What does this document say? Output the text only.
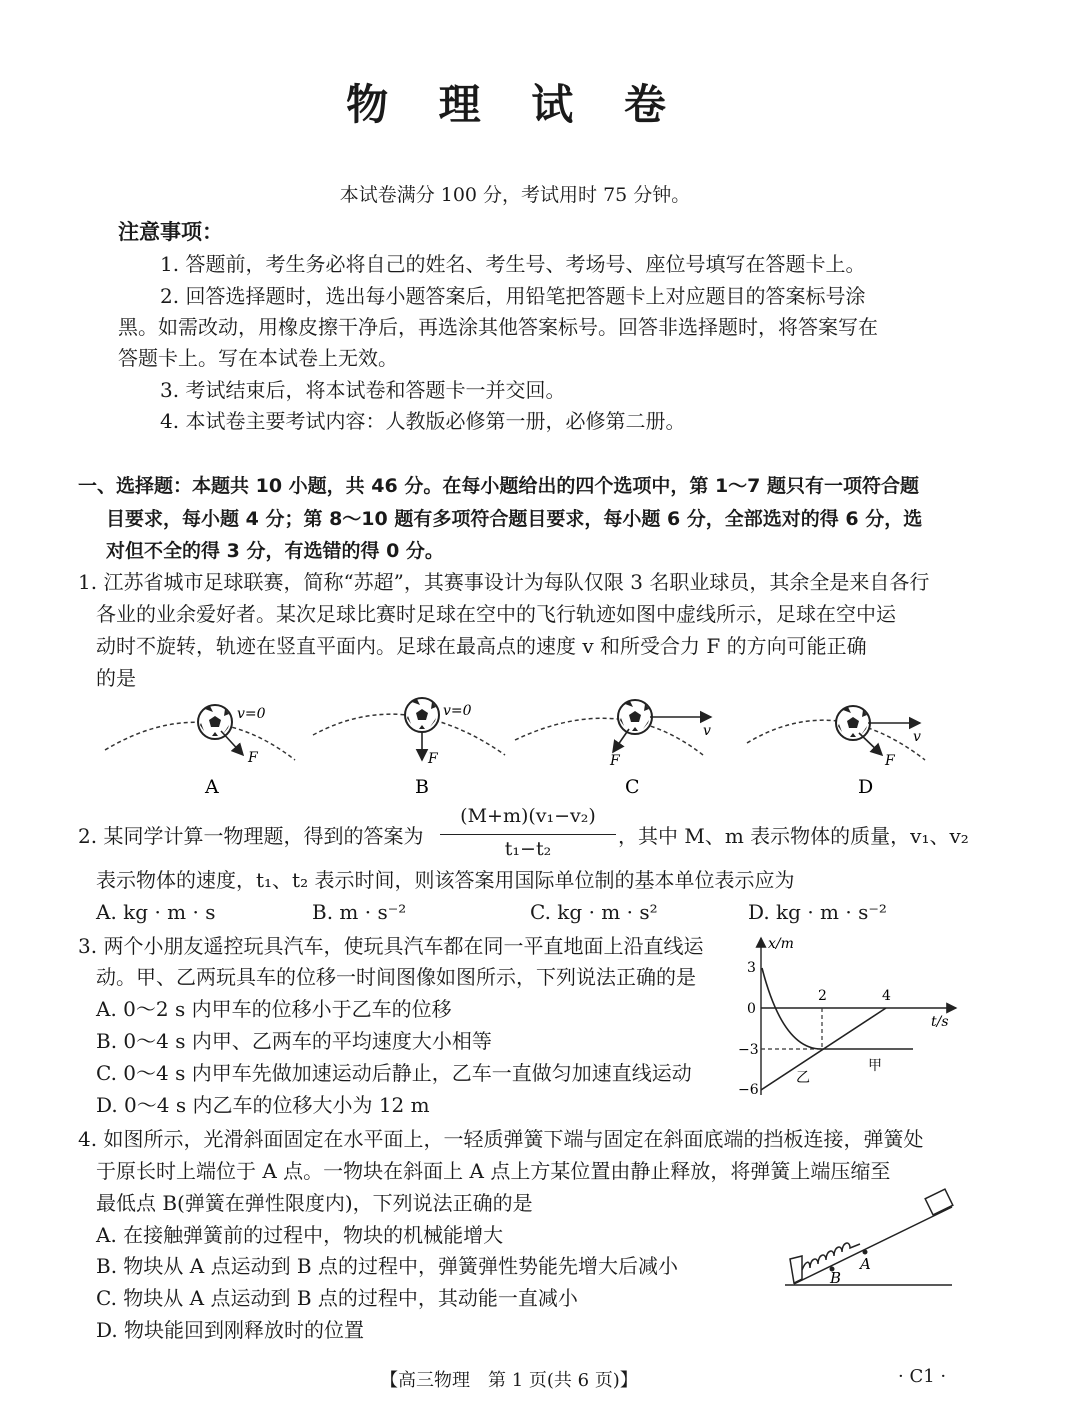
物 理 试 卷
本试卷满分 100 分，考试用时 75 分钟。
注意事项：
1. 答题前，考生务必将自己的姓名、考生号、考场号、座位号填写在答题卡上。
2. 回答选择题时，选出每小题答案后，用铅笔把答题卡上对应题目的答案标号涂
黑。如需改动，用橡皮擦干净后，再选涂其他答案标号。回答非选择题时，将答案写在
答题卡上。写在本试卷上无效。
3. 考试结束后，将本试卷和答题卡一并交回。
4. 本试卷主要考试内容：人教版必修第一册，必修第二册。
一、选择题：本题共 10 小题，共 46 分。在每小题给出的四个选项中，第 1～7 题只有一项符合题
目要求，每小题 4 分；第 8～10 题有多项符合题目要求，每小题 6 分，全部选对的得 6 分，选
对但不全的得 3 分，有选错的得 0 分。
1. 江苏省城市足球联赛，简称“苏超”，其赛事设计为每队仅限 3 名职业球员，其余全是来自各行
各业的业余爱好者。某次足球比赛时足球在空中的飞行轨迹如图中虚线所示，足球在空中运
动时不旋转，轨迹在竖直平面内。足球在最高点的速度 v 和所受合力 F 的方向可能正确
的是
v=0
F
A
v=0
F
B
v
F
C
v
F
D
2. 某同学计算一物理题，得到的答案为
(M+m)(v₁−v₂)
t₁−t₂
，其中 M、m 表示物体的质量，v₁、v₂
表示物体的速度，t₁、t₂ 表示时间，则该答案用国际单位制的基本单位表示应为
A. kg · m · s	B. m · s⁻²	C. kg · m · s²	D. kg · m · s⁻²
3. 两个小朋友遥控玩具汽车，使玩具汽车都在同一平直地面上沿直线运
动。甲、乙两玩具车的位移一时间图像如图所示，下列说法正确的是
A. 0～2 s 内甲车的位移小于乙车的位移
B. 0～4 s 内甲、乙两车的平均速度大小相等
C. 0～4 s 内甲车先做加速运动后静止，乙车一直做匀加速直线运动
D. 0～4 s 内乙车的位移大小为 12 m
x/m
t/s
3
0
−3
−6
2	4
甲
乙
4. 如图所示，光滑斜面固定在水平面上，一轻质弹簧下端与固定在斜面底端的挡板连接，弹簧处
于原长时上端位于 A 点。一物块在斜面上 A 点上方某位置由静止释放，将弹簧上端压缩至
最低点 B(弹簧在弹性限度内)，下列说法正确的是
A. 在接触弹簧前的过程中，物块的机械能增大
B. 物块从 A 点运动到 B 点的过程中，弹簧弹性势能先增大后减小
C. 物块从 A 点运动到 B 点的过程中，其动能一直减小
D. 物块能回到刚释放时的位置
A
B
【高三物理　第 1 页(共 6 页)】	· C1 ·
